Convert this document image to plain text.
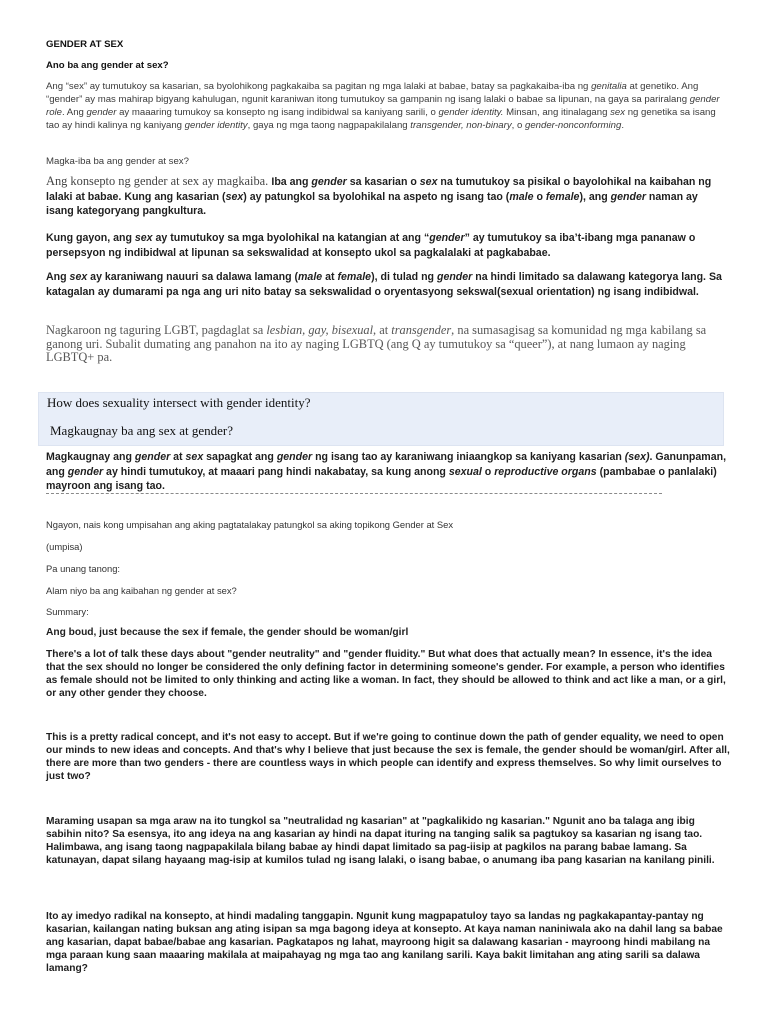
GENDER AT SEX
Ano ba ang gender at sex?

Ang “sex” ay tumutukoy sa kasarian, sa byolohikong pagkakaiba sa pagitan ng mga lalaki at babae, batay sa pagkakaiba-iba ng genitalia at genetiko. Ang “gender” ay mas mahirap bigyang kahulugan, ngunit karaniwan itong tumutukoy sa gampanin ng isang lalaki o babae sa lipunan, na gaya sa pariralang gender role. Ang gender ay maaaring tumukoy sa konsepto ng isang indibidwal sa kaniyang sarili, o gender identity. Minsan, ang itinalagang sex ng genetika sa isang tao ay hindi kalinya ng kaniyang gender identity, gaya ng mga taong nagpapakilalang transgender, non-binary, o gender-nonconforming.

Magka-iba ba ang gender at sex?

Ang konsepto ng gender at sex ay magkaiba. Iba ang gender sa kasarian o sex na tumutukoy sa pisikal o bayolohikal na kaibahan ng lalaki at babae. Kung ang kasarian (sex) ay patungkol sa byolohikal na aspeto ng isang tao (male o female), ang gender naman ay isang kategoryang pangkultura.

Kung gayon, ang sex ay tumutukoy sa mga byolohikal na katangian at ang “gender” ay tumutukoy sa iba’t-ibang mga pananaw o persepsyon ng indibidwal at lipunan sa sekswalidad at konsepto ukol sa pagkalalaki at pagkababae.

Ang sex ay karaniwang nauuri sa dalawa lamang (male at female), di tulad ng gender na hindi limitado sa dalawang kategorya lang. Sa katagalan ay dumarami pa nga ang uri nito batay sa sekswalidad o oryentasyong sekswal(sexual orientation) ng isang indibidwal.

Nagkaroon ng taguring LGBT, pagdaglat sa lesbian, gay, bisexual, at transgender, na sumasagisag sa komunidad ng mga kabilang sa ganong uri. Subalit dumating ang panahon na ito ay naging LGBTQ (ang Q ay tumutukoy sa “queer”), at nang lumaon ay naging LGBTQ+ pa.

How does sexuality intersect with gender identity?
Magkaugnay ba ang sex at gender?

Magkaugnay ang gender at sex sapagkat ang gender ng isang tao ay karaniwang iniaangkop sa kaniyang kasarian (sex). Ganunpaman, ang gender ay hindi tumutukoy, at maaari pang hindi nakabatay, sa kung anong sexual o reproductive organs (pambabae o panlalaki) mayroon ang isang tao.

Ngayon, nais kong umpisahan ang aking pagtatalakay patungkol sa aking topikong Gender at Sex
(umpisa)
Pa unang tanong:
Alam niyo ba ang kaibahan ng gender at sex?
Summary:
Ang boud, just because the sex if female, the gender should be woman/girl

There's a lot of talk these days about "gender neutrality" and "gender fluidity." But what does that actually mean? In essence, it's the idea that the sex should no longer be considered the only defining factor in determining someone's gender. For example, a person who identifies as female should not be limited to only thinking and acting like a woman. In fact, they should be allowed to think and act like a man, or a girl, or any other gender they choose.

This is a pretty radical concept, and it's not easy to accept. But if we're going to continue down the path of gender equality, we need to open our minds to new ideas and concepts. And that's why I believe that just because the sex is female, the gender should be woman/girl. After all, there are more than two genders - there are countless ways in which people can identify and express themselves. So why limit ourselves to just two?

Maraming usapan sa mga araw na ito tungkol sa "neutralidad ng kasarian" at "pagkalikido ng kasarian." Ngunit ano ba talaga ang ibig sabihin nito? Sa esensya, ito ang ideya na ang kasarian ay hindi na dapat ituring na tanging salik sa pagtukoy sa kasarian ng isang tao. Halimbawa, ang isang taong nagpapakilala bilang babae ay hindi dapat limitado sa pag-iisip at pagkilos na parang babae lamang. Sa katunayan, dapat silang hayaang mag-isip at kumilos tulad ng isang lalaki, o isang babae, o anumang iba pang kasarian na kanilang pinili.

Ito ay imedyo radikal na konsepto, at hindi madaling tanggapin. Ngunit kung magpapatuloy tayo sa landas ng pagkakapantay-pantay ng kasarian, kailangan nating buksan ang ating isipan sa mga bagong ideya at konsepto. At kaya naman naniniwala ako na dahil lang sa babae ang kasarian, dapat babae/babae ang kasarian. Pagkatapos ng lahat, mayroong higit sa dalawang kasarian - mayroong hindi mabilang na mga paraan kung saan maaaring makilala at maipahayag ng mga tao ang kanilang sarili. Kaya bakit limitahan ang ating sarili sa dalawa lamang?
